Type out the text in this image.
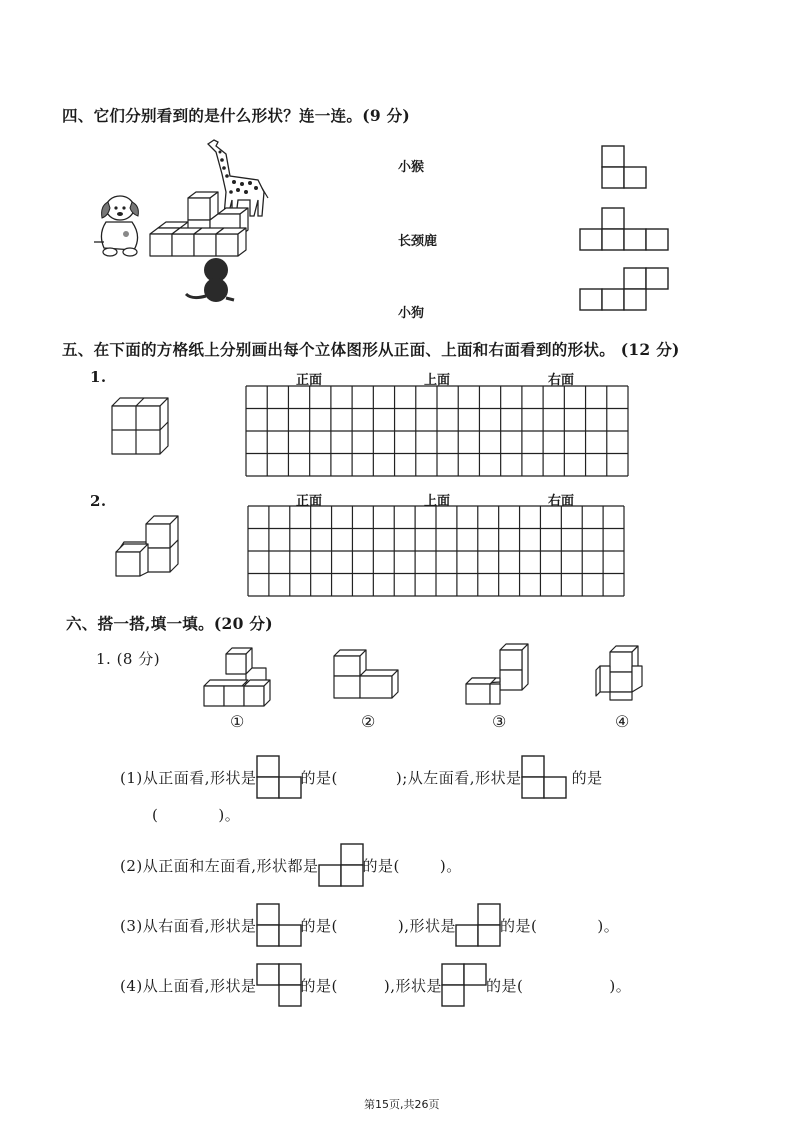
四、它们分别看到的是什么形状？连一连。(9 分)
小猴
长颈鹿
小狗
五、在下面的方格纸上分别画出每个立体图形从正面、上面和右面看到的形状。 (12 分)
1.	正面	上面	右面
2.	正面	上面	右面
六、搭一搭,填一填。(20 分)
1. (8 分)
①	②	③	④
(1)从正面看,形状是	的是(	);从左面看,形状是	的是
(	)。
(2)从正面和左面看,形状都是	的是(	)。
(3)从右面看,形状是	的是(	),形状是	的是(	)。
(4)从上面看,形状是	的是(	),形状是	的是(	)。
第15页,共26页
